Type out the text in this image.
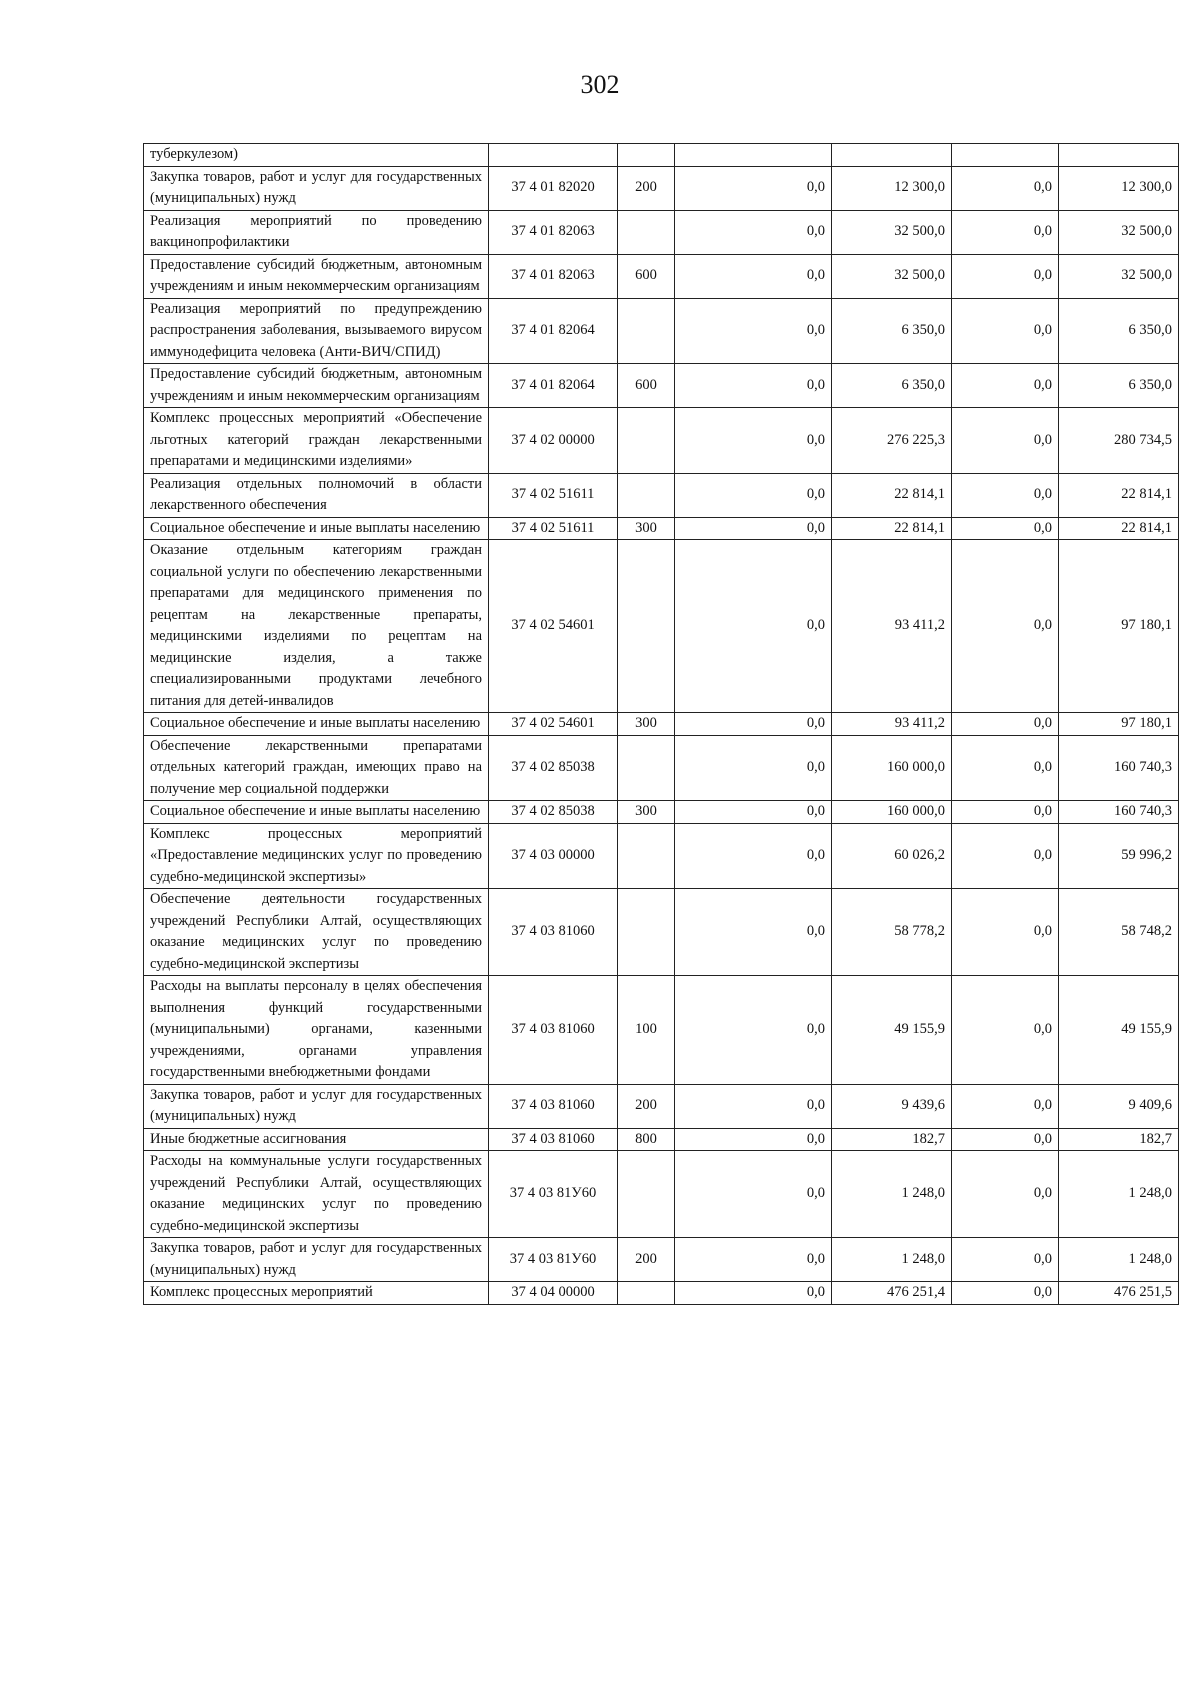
302
туберкулезом)						
Закупка товаров, работ и услуг для государственных (муниципальных) нужд	37 4 01 82020	200	0,0	12 300,0	0,0	12 300,0
Реализация мероприятий по проведению вакцинопрофилактики	37 4 01 82063		0,0	32 500,0	0,0	32 500,0
Предоставление субсидий бюджетным, автономным учреждениям и иным некоммерческим организациям	37 4 01 82063	600	0,0	32 500,0	0,0	32 500,0
Реализация мероприятий по предупреждению распространения заболевания, вызываемого вирусом иммунодефицита человека (Анти-ВИЧ/СПИД)	37 4 01 82064		0,0	6 350,0	0,0	6 350,0
Предоставление субсидий бюджетным, автономным учреждениям и иным некоммерческим организациям	37 4 01 82064	600	0,0	6 350,0	0,0	6 350,0
Комплекс процессных мероприятий «Обеспечение льготных категорий граждан лекарственными препаратами и медицинскими изделиями»	37 4 02 00000		0,0	276 225,3	0,0	280 734,5
Реализация отдельных полномочий в области лекарственного обеспечения	37 4 02 51611		0,0	22 814,1	0,0	22 814,1
Социальное обеспечение и иные выплаты населению	37 4 02 51611	300	0,0	22 814,1	0,0	22 814,1
Оказание отдельным категориям граждан социальной услуги по обеспечению лекарственными препаратами для медицинского применения по рецептам на лекарственные препараты, медицинскими изделиями по рецептам на медицинские изделия, а также специализированными продуктами лечебного питания для детей-инвалидов	37 4 02 54601		0,0	93 411,2	0,0	97 180,1
Социальное обеспечение и иные выплаты населению	37 4 02 54601	300	0,0	93 411,2	0,0	97 180,1
Обеспечение лекарственными препаратами отдельных категорий граждан, имеющих право на получение мер социальной поддержки	37 4 02 85038		0,0	160 000,0	0,0	160 740,3
Социальное обеспечение и иные выплаты населению	37 4 02 85038	300	0,0	160 000,0	0,0	160 740,3
Комплекс процессных мероприятий «Предоставление медицинских услуг по проведению судебно-медицинской экспертизы»	37 4 03 00000		0,0	60 026,2	0,0	59 996,2
Обеспечение деятельности государственных учреждений Республики Алтай, осуществляющих оказание медицинских услуг по проведению судебно-медицинской экспертизы	37 4 03 81060		0,0	58 778,2	0,0	58 748,2
Расходы на выплаты персоналу в целях обеспечения выполнения функций государственными (муниципальными) органами, казенными учреждениями, органами управления государственными внебюджетными фондами	37 4 03 81060	100	0,0	49 155,9	0,0	49 155,9
Закупка товаров, работ и услуг для государственных (муниципальных) нужд	37 4 03 81060	200	0,0	9 439,6	0,0	9 409,6
Иные бюджетные ассигнования	37 4 03 81060	800	0,0	182,7	0,0	182,7
Расходы на коммунальные услуги государственных учреждений Республики Алтай, осуществляющих оказание медицинских услуг по проведению судебно-медицинской экспертизы	37 4 03 81У60		0,0	1 248,0	0,0	1 248,0
Закупка товаров, работ и услуг для государственных (муниципальных) нужд	37 4 03 81У60	200	0,0	1 248,0	0,0	1 248,0
Комплекс процессных мероприятий	37 4 04 00000		0,0	476 251,4	0,0	476 251,5
